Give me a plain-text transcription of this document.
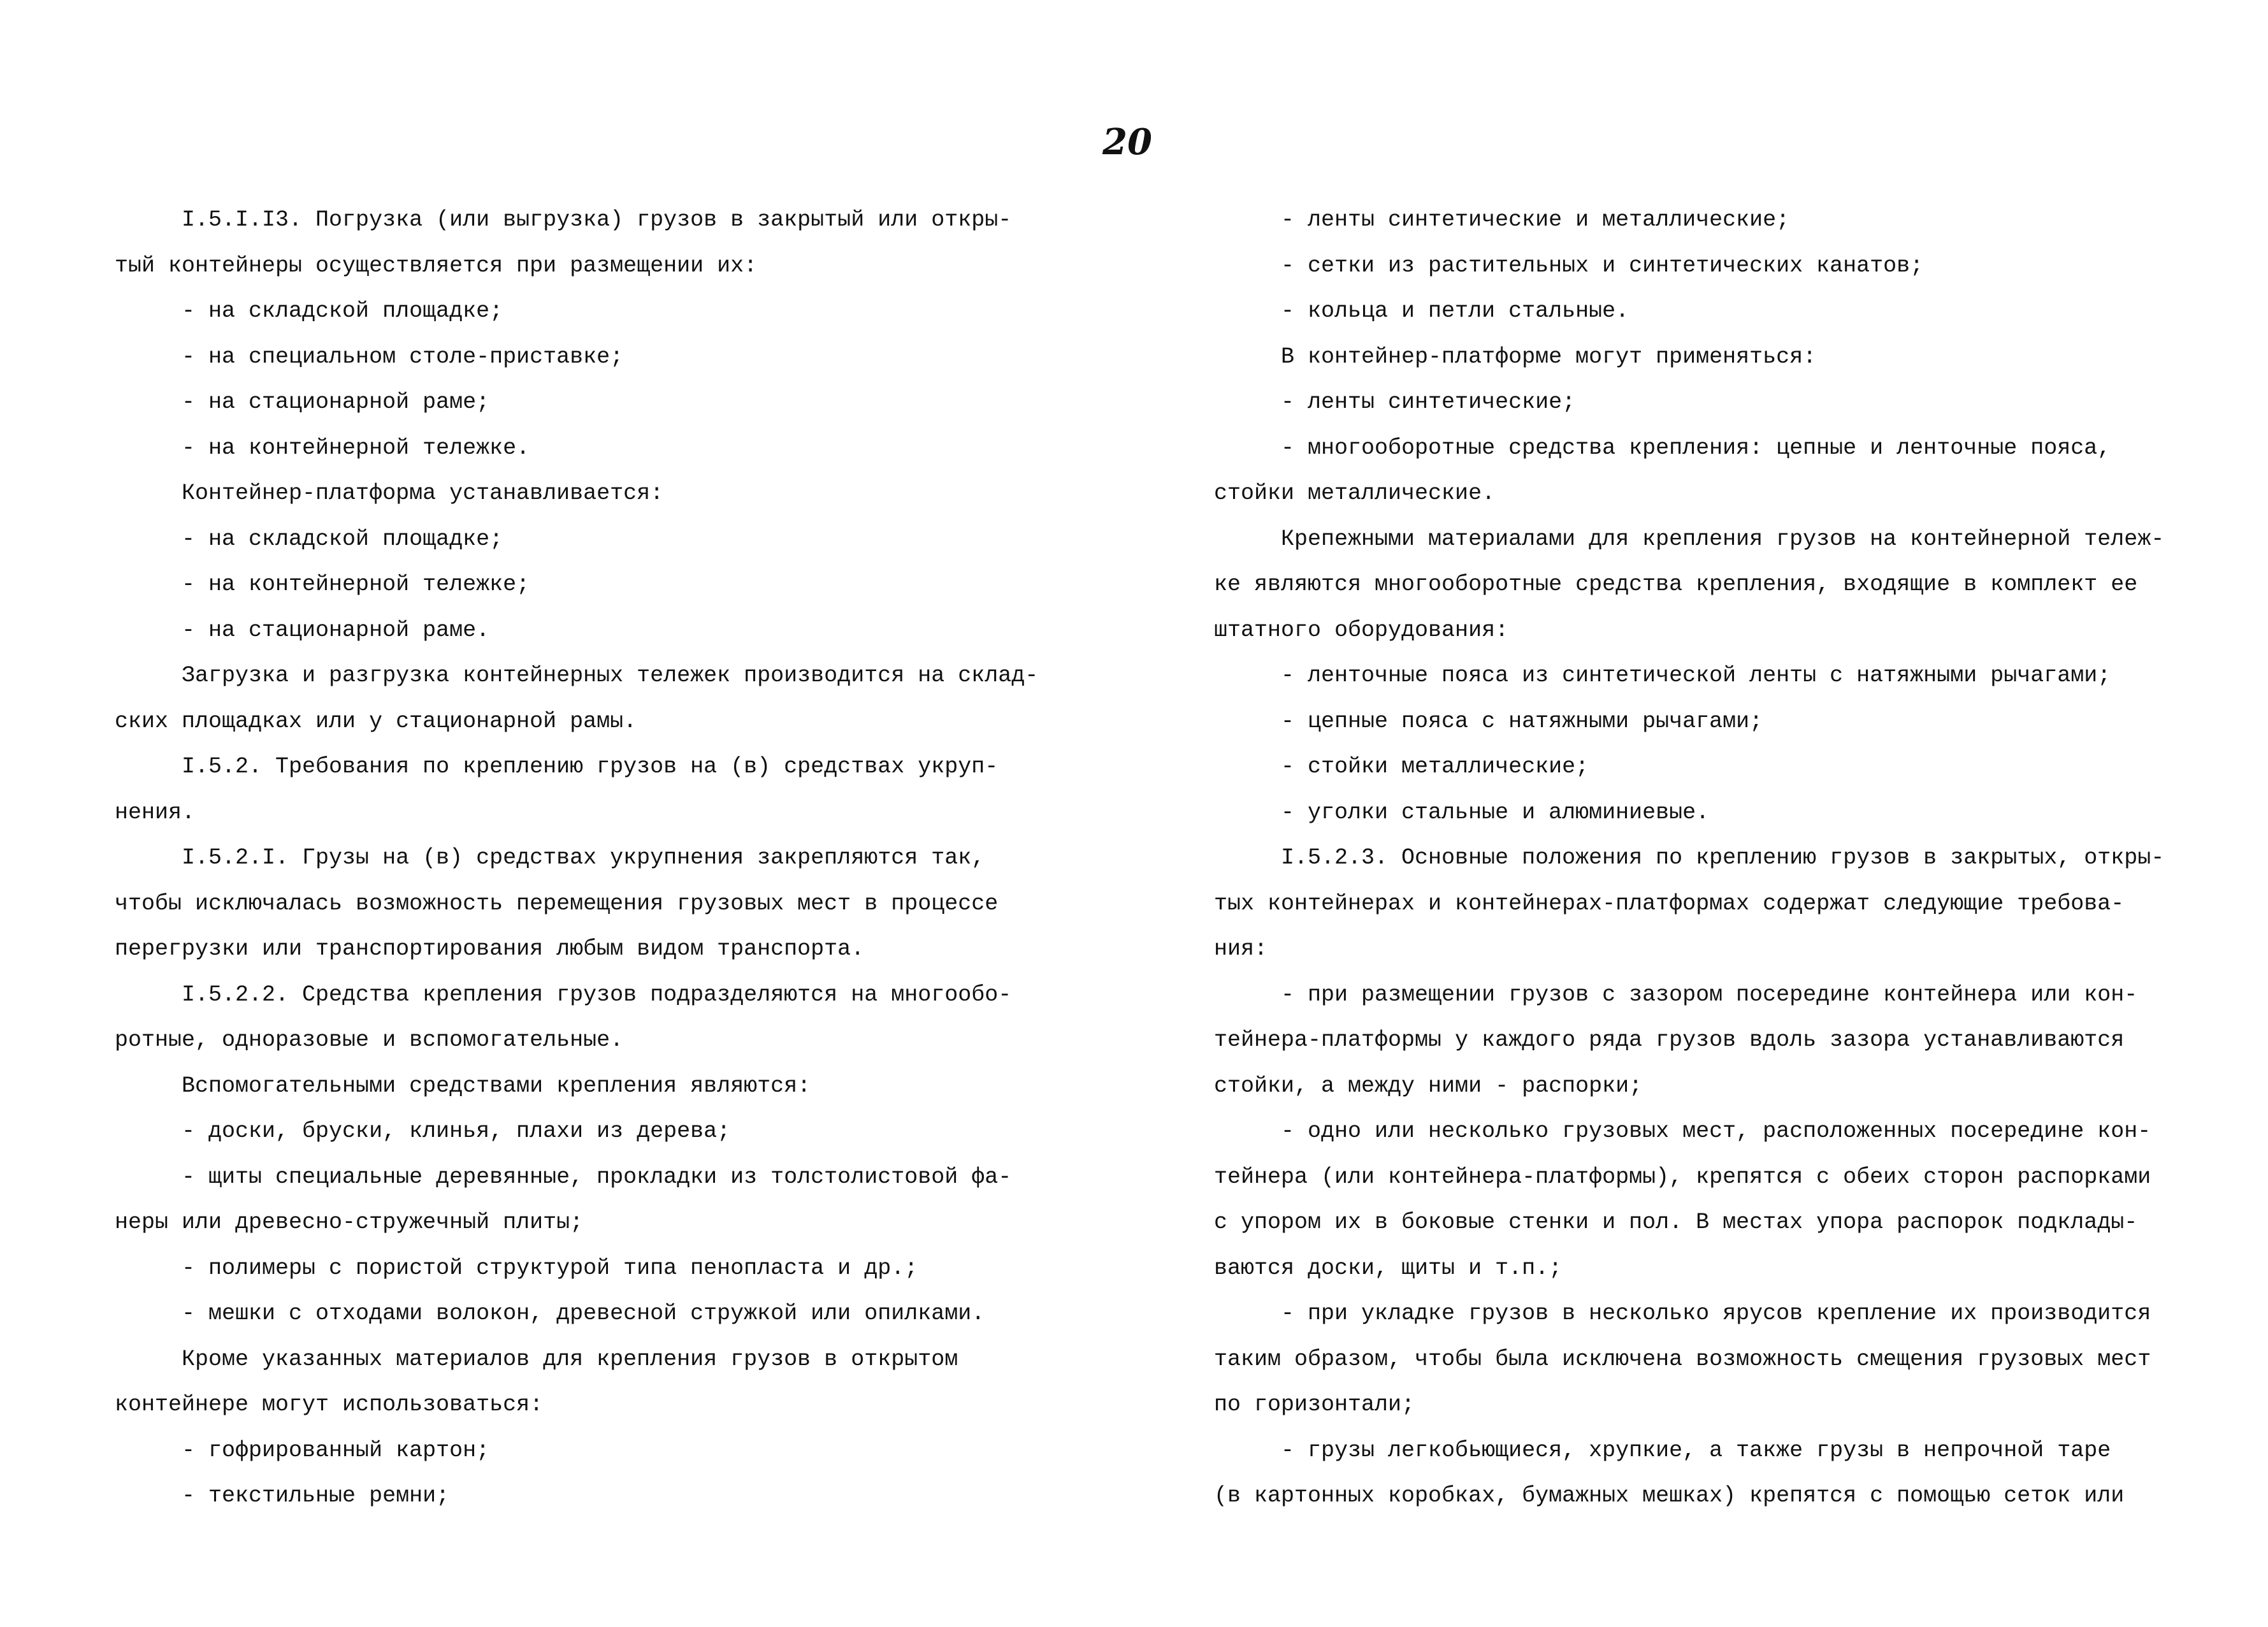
20
I.5.I.I3. Погрузка (или выгрузка) грузов в закрытый или откры-
тый контейнеры осуществляется при размещении их:
- на складской площадке;
- на специальном столе-приставке;
- на стационарной раме;
- на контейнерной тележке.
Контейнер-платформа устанавливается:
- на складской площадке;
- на контейнерной тележке;
- на стационарной раме.
Загрузка и разгрузка контейнерных тележек производится на склад-
ских площадках или у стационарной рамы.
I.5.2. Требования по креплению грузов на (в) средствах укруп-
нения.
I.5.2.I. Грузы на (в) средствах укрупнения закрепляются так,
чтобы исключалась возможность перемещения грузовых мест в процессе
перегрузки или транспортирования любым видом транспорта.
I.5.2.2. Средства крепления грузов подразделяются на многообо-
ротные, одноразовые и вспомогательные.
Вспомогательными средствами крепления являются:
- доски, бруски, клинья, плахи из дерева;
- щиты специальные деревянные, прокладки из толстолистовой фа-
неры или древесно-стружечный плиты;
- полимеры с пористой структурой типа пенопласта и др.;
- мешки с отходами волокон, древесной стружкой или опилками.
Кроме указанных материалов для крепления грузов в открытом
контейнере могут использоваться:
- гофрированный картон;
- текстильные ремни;
- ленты синтетические и металлические;
- сетки из растительных и синтетических канатов;
- кольца и петли стальные.
В контейнер-платформе могут применяться:
- ленты синтетические;
- многооборотные средства крепления: цепные и ленточные пояса,
стойки металлические.
Крепежными материалами для крепления грузов на контейнерной тележ-
ке являются многооборотные средства крепления, входящие в комплект ее
штатного оборудования:
- ленточные пояса из синтетической ленты с натяжными рычагами;
- цепные пояса с натяжными рычагами;
- стойки металлические;
- уголки стальные и алюминиевые.
I.5.2.3. Основные положения по креплению грузов в закрытых, откры-
тых контейнерах и контейнерах-платформах содержат следующие требова-
ния:
- при размещении грузов с зазором посередине контейнера или кон-
тейнера-платформы у каждого ряда грузов вдоль зазора устанавливаются
стойки, а между ними - распорки;
- одно или несколько грузовых мест, расположенных посередине кон-
тейнера (или контейнера-платформы), крепятся с обеих сторон распорками
с упором их в боковые стенки и пол. В местах упора распорок подклады-
ваются доски, щиты и т.п.;
- при укладке грузов в несколько ярусов крепление их производится
таким образом, чтобы была исключена возможность смещения грузовых мест
по горизонтали;
- грузы легкобьющиеся, хрупкие, а также грузы в непрочной таре
(в картонных коробках, бумажных мешках) крепятся с помощью сеток или
